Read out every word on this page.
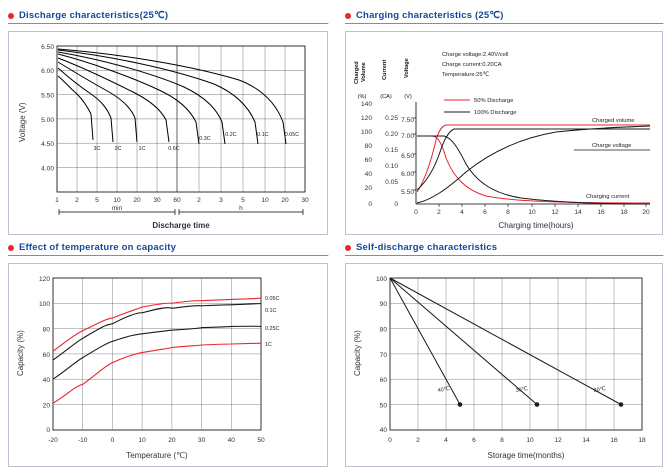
Discharge characteristics(25℃)
Voltage (V)
6.50
6.00
5.50
5.00
4.50
4.00
1 2 5 10 20 30 60 2	3	5 10 20 30
min	h
Discharge time
3C	2C	1C	0.6C
0.3C
0.2C	0.1C	0.05C
Charging characteristics (25℃)
Charged Volume	Current	Voltage
(%) (CA) (V)
Charge voltage:2.40V/cell
Charge current:0.20CA
Temperature:25℃
50% Discharge
100% Discharge
140
120
100
80
60
40
20
0
0.25
0.20
0.15
0.10
0.05
0
7.50
7.00
6.50
6.00
5.50
0	2	4	6	8	10 12 14 16 18 20
Charging time(hours)
Charged volume
Charge voltage
Charging current
Effect of temperature on capacity
Capacity (%)
120
100
80
60
40
20
0
-20	-10	0	10	20	30	40	50
Temperature (℃)
0.05C
0.1C
0.25C
1C
Self-discharge characteristics
Capacity (%)
100
90
80
70
60
50
40
0	2	4	6	8	10	12	14	16	18
Storage time(months)
40℃	30℃	20℃
